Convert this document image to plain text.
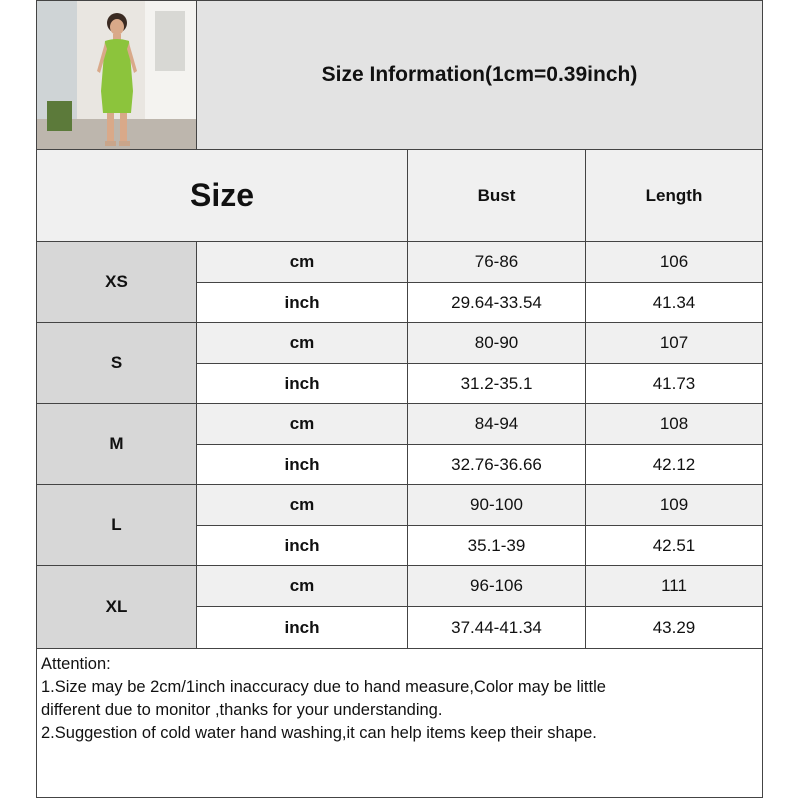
Size Information(1cm=0.39inch)
Size	Bust	Length
XS
cm	76-86	106
inch	29.64-33.54	41.34
S
cm	80-90	107
inch	31.2-35.1	41.73
M
cm	84-94	108
inch	32.76-36.66	42.12
L
cm	90-100	109
inch	35.1-39	42.51
XL
cm	96-106	111
inch	37.44-41.34	43.29
Attention:
1.Size may be 2cm/1inch inaccuracy due to hand measure,Color may be little
different due to monitor ,thanks for your understanding.
2.Suggestion of cold water hand washing,it can help items keep their shape.
